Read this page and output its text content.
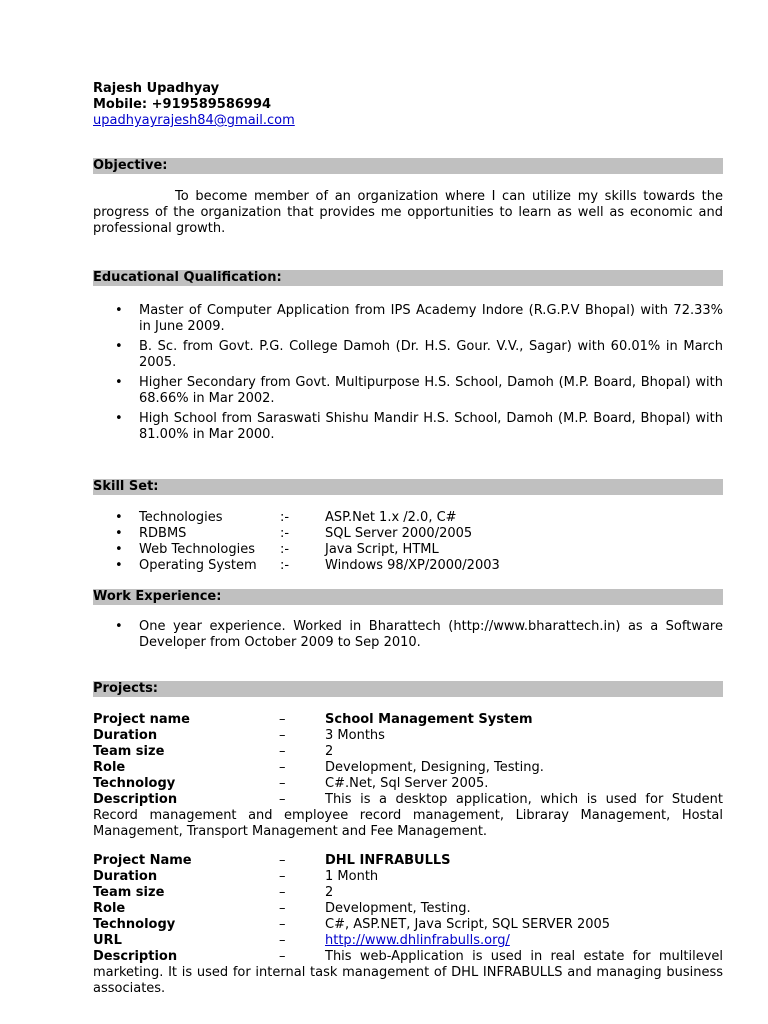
Rajesh Upadhyay
Mobile: +919589586994
upadhyayrajesh84@gmail.com
Objective:
To become member of an organization where I can utilize my skills towards the progress of the organization that provides me opportunities to learn as well as economic and professional growth.
Educational Qualification:
• Master of Computer Application from IPS Academy Indore (R.G.P.V Bhopal) with 72.33% in June 2009.
• B. Sc. from Govt. P.G. College Damoh (Dr. H.S. Gour. V.V., Sagar) with 60.01% in March 2005.
• Higher Secondary from Govt. Multipurpose H.S. School, Damoh (M.P. Board, Bhopal) with 68.66% in Mar 2002.
• High School from Saraswati Shishu Mandir H.S. School, Damoh (M.P. Board, Bhopal) with 81.00% in Mar 2000.
Skill Set:
• Technologies	:-	ASP.Net 1.x /2.0, C#
• RDBMS	:-	SQL Server 2000/2005
• Web Technologies :-	Java Script, HTML
• Operating System :-	Windows 98/XP/2000/2003
Work Experience:
• One year experience. Worked in Bharattech (http://www.bharattech.in) as a Software Developer from October 2009 to Sep 2010.
Projects:
Project name	–	School Management System
Duration	–	3 Months
Team size	–	2
Role	–	Development, Designing, Testing.
Technology	–	C#.Net, Sql Server 2005.
Description	–	This is a desktop application, which is used for Student Record management and employee record management, Libraray Management, Hostal Management, Transport Management and Fee Management.
Project Name	–	DHL INFRABULLS
Duration	–	1 Month
Team size	–	2
Role	–	Development, Testing.
Technology	–	C#, ASP.NET, Java Script, SQL SERVER 2005
URL	–	http://www.dhlinfrabulls.org/
Description	–	This web-Application is used in real estate for multilevel marketing. It is used for internal task management of DHL INFRABULLS and managing business associates.
